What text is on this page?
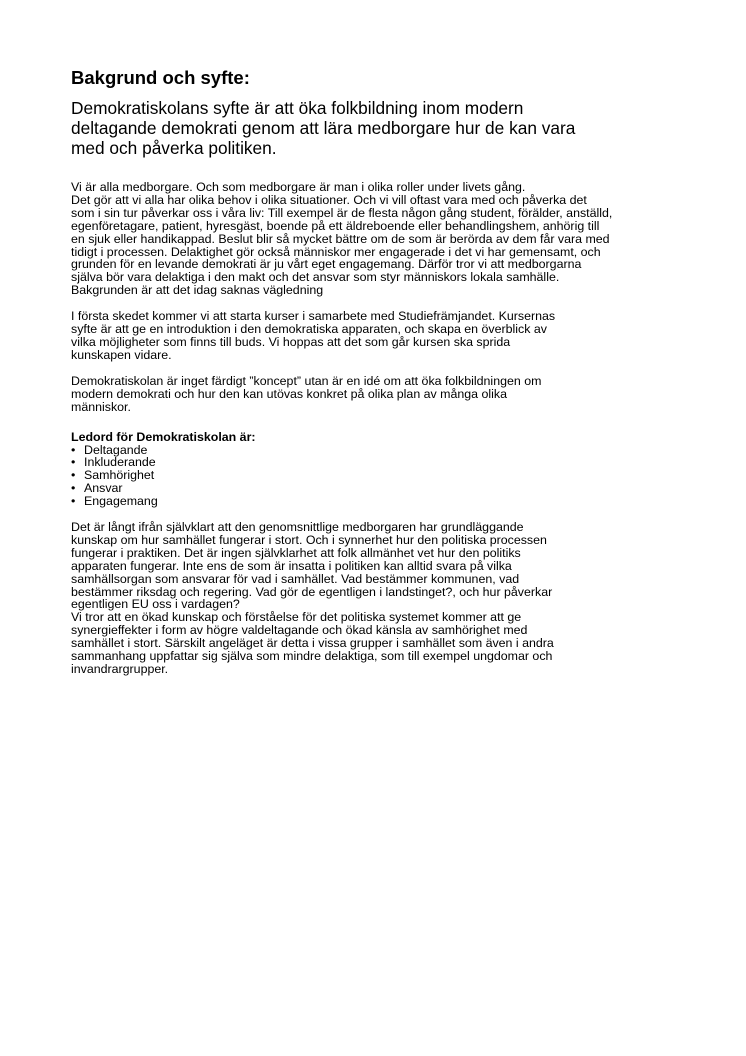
Bakgrund och syfte:

Demokratiskolans syfte är att öka folkbildning inom modern
deltagande demokrati genom att lära medborgare hur de kan vara
med och påverka politiken.

Vi är alla medborgare. Och som medborgare är man i olika roller under livets gång.
Det gör att vi alla har olika behov i olika situationer. Och vi vill oftast vara med och påverka det
som i sin tur påverkar oss i våra liv: Till exempel är de flesta någon gång student, förälder, anställd,
egenföretagare, patient, hyresgäst, boende på ett äldreboende eller behandlingshem, anhörig till
en sjuk eller handikappad. Beslut blir så mycket bättre om de som är berörda av dem får vara med
tidigt i processen. Delaktighet gör också människor mer engagerade i det vi har gemensamt, och
grunden för en levande demokrati är ju vårt eget engagemang. Därför tror vi att medborgarna
själva bör vara delaktiga i den makt och det ansvar som styr människors lokala samhälle.
Bakgrunden är att det idag saknas vägledning

I första skedet kommer vi att starta kurser i samarbete med Studiefrämjandet. Kursernas
syfte är att ge en introduktion i den demokratiska apparaten, och skapa en överblick av
vilka möjligheter som finns till buds. Vi hoppas att det som går kursen ska sprida
kunskapen vidare.

Demokratiskolan är inget färdigt ”koncept” utan är en idé om att öka folkbildningen om
modern demokrati och hur den kan utövas konkret på olika plan av många olika
människor.

Ledord för Demokratiskolan är:
• Deltagande
• Inkluderande
• Samhörighet
• Ansvar
• Engagemang

Det är långt ifrån självklart att den genomsnittlige medborgaren har grundläggande
kunskap om hur samhället fungerar i stort. Och i synnerhet hur den politiska processen
fungerar i praktiken. Det är ingen självklarhet att folk allmänhet vet hur den politiks
apparaten fungerar. Inte ens de som är insatta i politiken kan alltid svara på vilka
samhällsorgan som ansvarar för vad i samhället. Vad bestämmer kommunen, vad
bestämmer riksdag och regering. Vad gör de egentligen i landstinget?, och hur påverkar
egentligen EU oss i vardagen?
Vi tror att en ökad kunskap och förståelse för det politiska systemet kommer att ge
synergieffekter i form av högre valdeltagande och ökad känsla av samhörighet med
samhället i stort. Särskilt angeläget är detta i vissa grupper i samhället som även i andra
sammanhang uppfattar sig själva som mindre delaktiga, som till exempel ungdomar och
invandrargrupper.
